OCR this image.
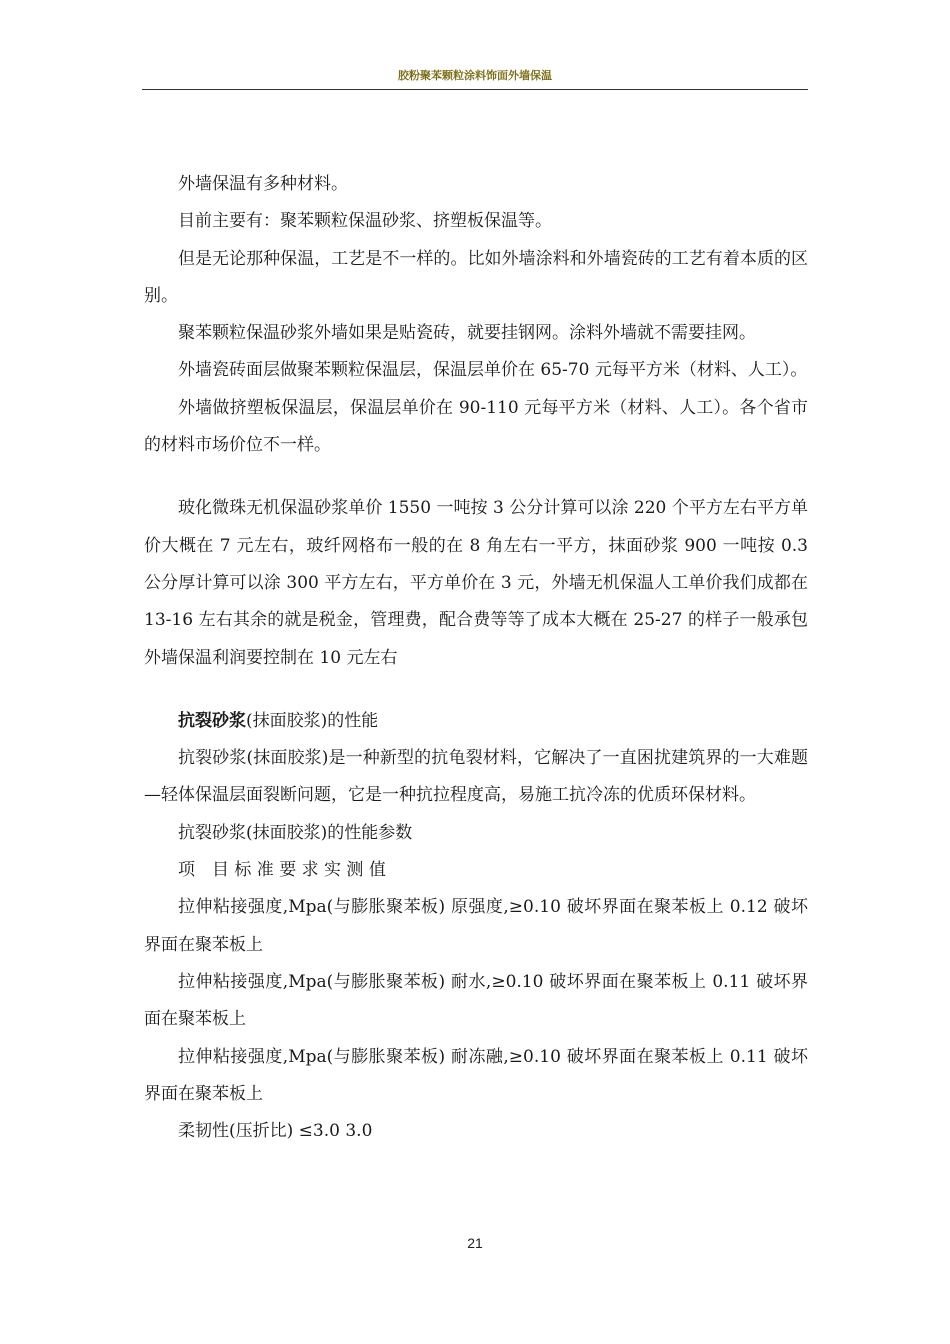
胶粉聚苯颗粒涂料饰面外墙保温

外墙保温有多种材料。

目前主要有：聚苯颗粒保温砂浆、挤塑板保温等。

但是无论那种保温，工艺是不一样的。比如外墙涂料和外墙瓷砖的工艺有着本质的区别。

聚苯颗粒保温砂浆外墙如果是贴瓷砖，就要挂钢网。涂料外墙就不需要挂网。

外墙瓷砖面层做聚苯颗粒保温层，保温层单价在 65-70 元每平方米（材料、人工）。

外墙做挤塑板保温层，保温层单价在 90-110 元每平方米（材料、人工）。各个省市的材料市场价位不一样。

玻化微珠无机保温砂浆单价 1550 一吨按 3 公分计算可以涂 220 个平方左右平方单价大概在 7 元左右，玻纤网格布一般的在 8 角左右一平方，抹面砂浆 900 一吨按 0.3 公分厚计算可以涂 300 平方左右，平方单价在 3 元，外墙无机保温人工单价我们成都在 13-16 左右其余的就是税金，管理费，配合费等等了成本大概在 25-27 的样子一般承包外墙保温利润要控制在 10 元左右

抗裂砂浆(抹面胶浆)的性能

抗裂砂浆(抹面胶浆)是一种新型的抗龟裂材料，它解决了一直困扰建筑界的一大难题—轻体保温层面裂断问题，它是一种抗拉程度高，易施工抗冷冻的优质环保材料。

抗裂砂浆(抹面胶浆)的性能参数

项　目 标 准 要 求 实 测 值

拉伸粘接强度,Mpa(与膨胀聚苯板) 原强度,≥0.10 破坏界面在聚苯板上 0.12 破坏界面在聚苯板上

拉伸粘接强度,Mpa(与膨胀聚苯板) 耐水,≥0.10 破坏界面在聚苯板上 0.11 破坏界面在聚苯板上

拉伸粘接强度,Mpa(与膨胀聚苯板) 耐冻融,≥0.10 破坏界面在聚苯板上 0.11 破坏界面在聚苯板上

柔韧性(压折比) ≤3.0 3.0

21
